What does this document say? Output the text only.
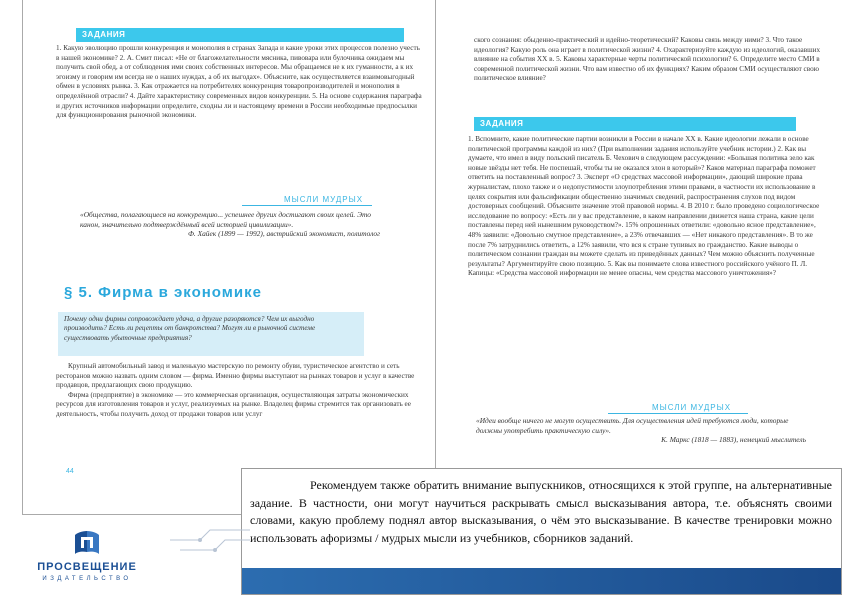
ЗАДАНИЯ

1. Какую эволюцию прошли конкуренция и монополия в странах Запада и какие уроки этих процессов полезно учесть в нашей экономике? 2. А. Смит писал: «Не от благожелательности мясника, пивовара или булочника ожидаем мы получить свой обед, а от соблюдения ими своих собственных интересов. Мы обращаемся не к их гуманности, а к их эгоизму и говорим им всегда не о наших нуждах, а об их выгодах». Объясните, как осуществляется взаимовыгодный обмен в условиях рынка. 3. Как отражается на потребителях конкуренция товаропроизводителей и монополия в определённой отрасли? 4. Дайте характеристику современных видов конкуренции. 5. На основе содержания параграфа и других источников информации определите, сходны ли и настоящему времени в России необходимые предпосылки для функционирования рыночной экономики.

МЫСЛИ МУДРЫХ
«Общества, полагающиеся на конкуренцию... успешнее других достигают своих целей. Это канон, значительно подтверждённый всей историей цивилизации».
Ф. Хайек (1899 — 1992), австрийский экономист, политолог
§ 5. Фирма в экономике
Почему одни фирмы сопровождает удача, а другие разоряются? Чем их выгодно производить? Есть ли рецепты от банкротства? Могут ли в рыночной системе существовать убыточные предприятия?

Крупный автомобильный завод и маленькую мастерскую по ремонту обуви, туристическое агентство и сеть ресторанов можно назвать одним словом — фирма. Именно фирмы выступают на рынках товаров и услуг в качестве продавцов, предлагающих свою продукцию.

Фирма (предприятие) в экономике — это коммерческая организация, осуществляющая затраты экономических ресурсов для изготовления товаров и услуг, реализуемых на рынке. Владелец фирмы стремится так организовать ее деятельность, чтобы получить доход от продажи товаров или услуг

44

ского сознания: обыденно-практический и идейно-теоретический? Каковы связь между ними? 3. Что такое идеология? Какую роль она играет в политической жизни? 4. Охарактеризуйте каждую из идеологий, оказавших влияние на события XX в. 5. Каковы характерные черты политической психологии? 6. Определите место СМИ в современной политической жизни. Что вам известно об их функциях? Каким образом СМИ осуществляют свою политическое влияние?

ЗАДАНИЯ

1. Вспомните, какие политические партии возникли в России в начале XX в. Какие идеологии лежали в основе политической программы каждой из них? (При выполнении задания используйте учебник истории.) 2. Как вы думаете, что имел в виду польский писатель Б. Чехович в следующем рассуждении: «Большая политика зело как новые звёзды нет тебя. Не поспешай, чтобы ты не оказался элон в который»? Каков материал параграфа поможет ответить на поставленный вопрос? 3. Эксперт «О средствах массовой информации», дающий широкие права журналистам, плохо также и о недопустимости злоупотребления этими правами, в частности их использование в целях сокрытия или фальсификации общественно значимых сведений, распространения слухов под видом достоверных сообщений. Объясните значение этой правовой нормы. 4. В 2010 г. было проведено социологическое исследование по вопросу: «Есть ли у вас представление, в каком направлении движется наша страна, какие цели поставлены перед ней нынешним руководством?». 15% опрошенных ответили: «довольно ясное представление», 48% заявили: «Довольно смутное представление», а 23% отвечавших — «Нет никакого представления». В то же после 7% затруднились ответить, а 12% заявили, что вся к стране тупивых во гражданство. Какие выводы о политическом сознании граждан вы можете сделать из приведённых данных? Чем можно объяснить полученные результаты? Аргументируйте свою позицию. 5. Как вы понимаете слова известного российского учёного П. Л. Капицы: «Средства массовой информации не менее опасны, чем средства массового уничтожения»?

МЫСЛИ МУДРЫХ
«Идеи вообще ничего не могут осуществить. Для осуществления идей требуются люди, которые должны употребить практическую силу».
К. Маркс (1818 — 1883), немецкий мыслитель
Рекомендуем также обратить внимание выпускников, относящихся к этой группе, на альтернативные задание. В частности, они могут научиться раскрывать смысл высказывания автора, т.е. объяснять своими словами, какую проблему поднял автор высказывания, о чём это высказывание. В качестве тренировки можно использовать афоризмы / мудрых мысли из учебников, сборников заданий.
ПРОСВЕЩЕНИЕ
ИЗДАТЕЛЬСТВО
